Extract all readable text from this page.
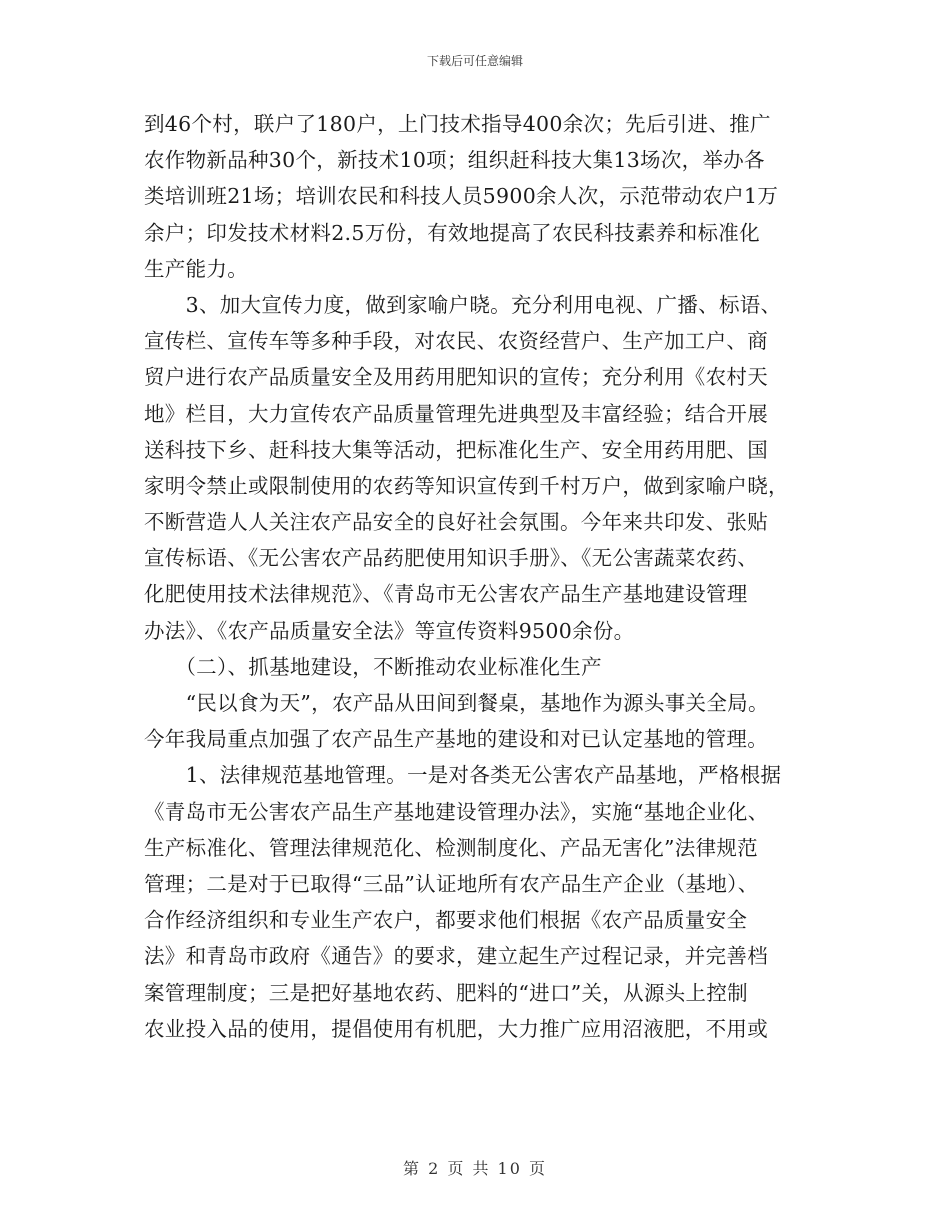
下载后可任意编辑
到46个村，联户了180户，上门技术指导400余次；先后引进、推广
农作物新品种30个，新技术10项；组织赶科技大集13场次，举办各
类培训班21场；培训农民和科技人员5900余人次，示范带动农户1万
余户；印发技术材料2.5万份，有效地提高了农民科技素养和标准化
生产能力。
　　3、加大宣传力度，做到家喻户晓。充分利用电视、广播、标语、
宣传栏、宣传车等多种手段，对农民、农资经营户、生产加工户、商
贸户进行农产品质量安全及用药用肥知识的宣传；充分利用《农村天
地》栏目，大力宣传农产品质量管理先进典型及丰富经验；结合开展
送科技下乡、赶科技大集等活动，把标准化生产、安全用药用肥、国
家明令禁止或限制使用的农药等知识宣传到千村万户，做到家喻户晓，
不断营造人人关注农产品安全的良好社会氛围。今年来共印发、张贴
宣传标语、《无公害农产品药肥使用知识手册》、《无公害蔬菜农药、
化肥使用技术法律规范》、《青岛市无公害农产品生产基地建设管理
办法》、《农产品质量安全法》等宣传资料9500余份。
　　（二）、抓基地建设，不断推动农业标准化生产
　　“民以食为天”，农产品从田间到餐桌，基地作为源头事关全局。
今年我局重点加强了农产品生产基地的建设和对已认定基地的管理。
　　1、法律规范基地管理。一是对各类无公害农产品基地，严格根据
《青岛市无公害农产品生产基地建设管理办法》，实施“基地企业化、
生产标准化、管理法律规范化、检测制度化、产品无害化”法律规范
管理；二是对于已取得“三品”认证地所有农产品生产企业（基地）、
合作经济组织和专业生产农户，都要求他们根据《农产品质量安全
法》和青岛市政府《通告》的要求，建立起生产过程记录，并完善档
案管理制度；三是把好基地农药、肥料的“进口”关，从源头上控制
农业投入品的使用，提倡使用有机肥，大力推广应用沼液肥，不用或
第 2 页 共 10 页
